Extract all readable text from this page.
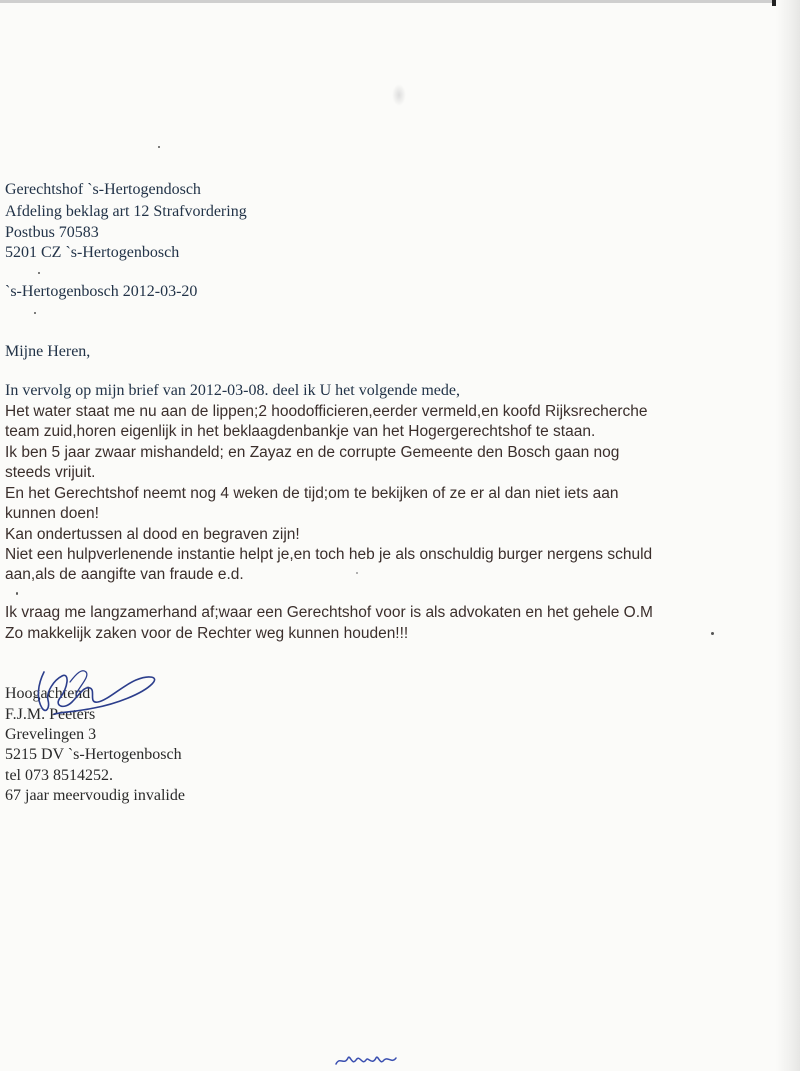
Gerechtshof `s-Hertogendosch
Afdeling beklag art 12 Strafvordering
Postbus 70583
5201 CZ `s-Hertogenbosch
`s-Hertogenbosch 2012-03-20
Mijne Heren,
In vervolg op mijn brief van 2012-03-08. deel ik U het volgende mede,
Het water staat me nu aan de lippen;2 hoodofficieren,eerder vermeld,en koofd Rijksrecherche
team zuid,horen eigenlijk in het beklaagdenbankje van het Hogergerechtshof te staan.
Ik ben 5 jaar zwaar mishandeld; en Zayaz en de corrupte Gemeente den Bosch gaan nog
steeds vrijuit.
En het Gerechtshof neemt nog 4 weken de tijd;om te bekijken of ze er al dan niet iets aan
kunnen doen!
Kan ondertussen al dood en begraven zijn!
Niet een hulpverlenende instantie helpt je,en toch heb je als onschuldig burger nergens schuld
aan,als de aangifte van fraude e.d.
Ik vraag me langzamerhand af;waar een Gerechtshof voor is als advokaten en het gehele O.M
Zo makkelijk zaken voor de Rechter weg kunnen houden!!!
Hoogachtend
F.J.M. Peeters
Grevelingen 3
5215 DV `s-Hertogenbosch
tel 073 8514252.
67 jaar meervoudig invalide
